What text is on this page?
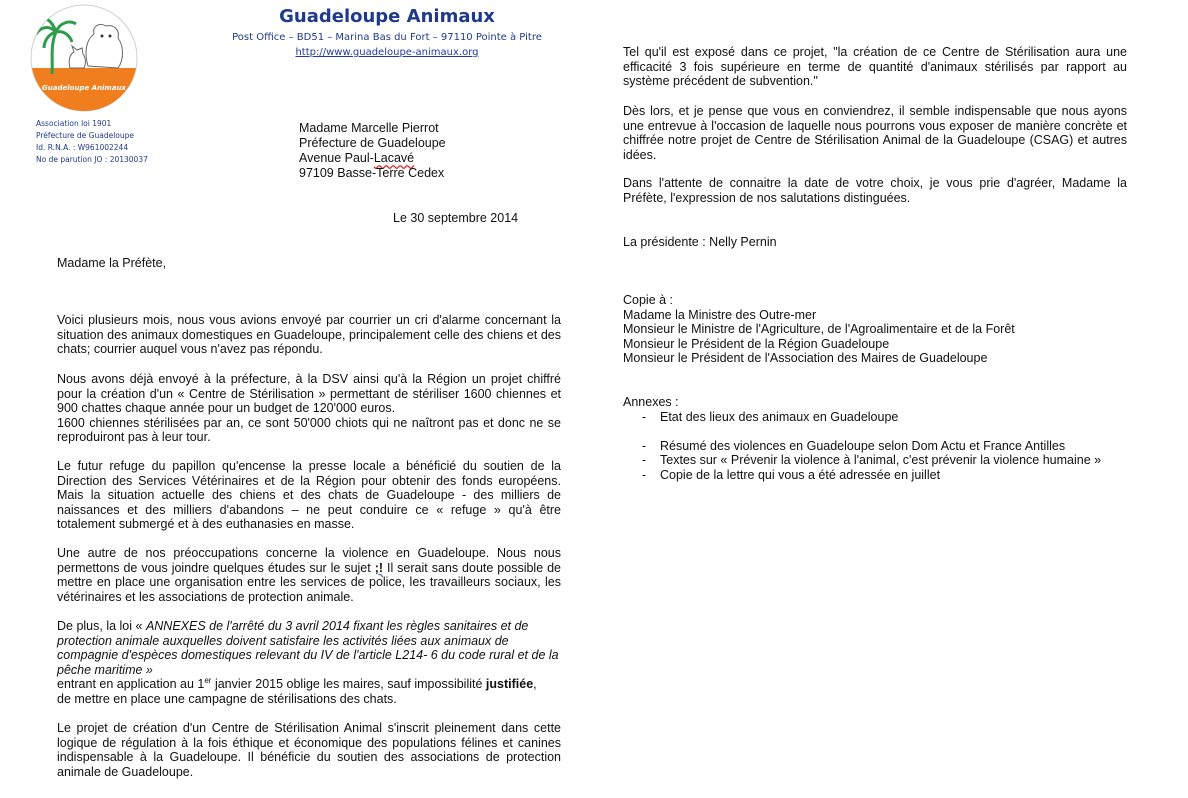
Guadeloupe Animaux
Guadeloupe Animaux
Post Office – BD51 – Marina Bas du Fort – 97110 Pointe à Pitre
http://www.guadeloupe-animaux.org
Association loi 1901
Préfecture de Guadeloupe
Id. R.N.A. : W961002244
No de parution JO : 20130037
Madame Marcelle Pierrot
Préfecture de Guadeloupe
Avenue Paul-Lacavé
97109 Basse-Terre Cedex
Le 30 septembre 2014
Madame la Préfète,
Voici plusieurs mois, nous vous avions envoyé par courrier un cri d'alarme concernant la situation des animaux domestiques en Guadeloupe, principalement celle des chiens et des chats; courrier auquel vous n'avez pas répondu.
Nous avons déjà envoyé à la préfecture, à la DSV ainsi qu'à la Région un projet chiffré pour la création d'un « Centre de Stérilisation » permettant de stériliser 1600 chiennes et 900 chattes chaque année pour un budget de 120'000 euros.
1600 chiennes stérilisées par an, ce sont 50'000 chiots qui ne naîtront pas et donc ne se reproduiront pas à leur tour.
Le futur refuge du papillon qu'encense la presse locale a bénéficié du soutien de la Direction des Services Vétérinaires et de la Région pour obtenir des fonds européens. Mais la situation actuelle des chiens et des chats de Guadeloupe - des milliers de naissances et des milliers d'abandons – ne peut conduire ce « refuge » qu'à être totalement submergé et à des euthanasies en masse.
Une autre de nos préoccupations concerne la violence en Guadeloupe. Nous nous permettons de vous joindre quelques études sur le sujet ;! Il serait sans doute possible de mettre en place une organisation entre les services de police, les travailleurs sociaux, les vétérinaires et les associations de protection animale.
De plus, la loi « ANNEXES de l'arrêté du 3 avril 2014 fixant les règles sanitaires et de protection animale auxquelles doivent satisfaire les activités liées aux animaux de compagnie d'espèces domestiques relevant du IV de l'article L214- 6 du code rural et de la pêche maritime »
entrant en application au 1er janvier 2015 oblige les maires, sauf impossibilité justifiée,
de mettre en place une campagne de stérilisations des chats.
Le projet de création d'un Centre de Stérilisation Animal s'inscrit pleinement dans cette logique de régulation à la fois éthique et économique des populations félines et canines indispensable à la Guadeloupe. Il bénéficie du soutien des associations de protection animale de Guadeloupe.
Tel qu'il est exposé dans ce projet, "la création de ce Centre de Stérilisation aura une efficacité 3 fois supérieure en terme de quantité d'animaux stérilisés par rapport au système précédent de subvention."
Dès lors, et je pense que vous en conviendrez, il semble indispensable que nous ayons une entrevue à l'occasion de laquelle nous pourrons vous exposer de manière concrète et chiffrée notre projet de Centre de Stérilisation Animal de la Guadeloupe (CSAG) et autres idées.
Dans l'attente de connaitre la date de votre choix, je vous prie d'agréer, Madame la Préfète, l'expression de nos salutations distinguées.
La présidente : Nelly Pernin
Copie à :
Madame la Ministre des Outre-mer
Monsieur le Ministre de l'Agriculture, de l'Agroalimentaire et de la Forêt
Monsieur le Président de la Région Guadeloupe
Monsieur le Président de l'Association des Maires de Guadeloupe
Annexes :
- Etat des lieux des animaux en Guadeloupe
- Résumé des violences en Guadeloupe selon Dom Actu et France Antilles
- Textes sur « Prévenir la violence à l'animal, c'est prévenir la violence humaine »
- Copie de la lettre qui vous a été adressée en juillet
